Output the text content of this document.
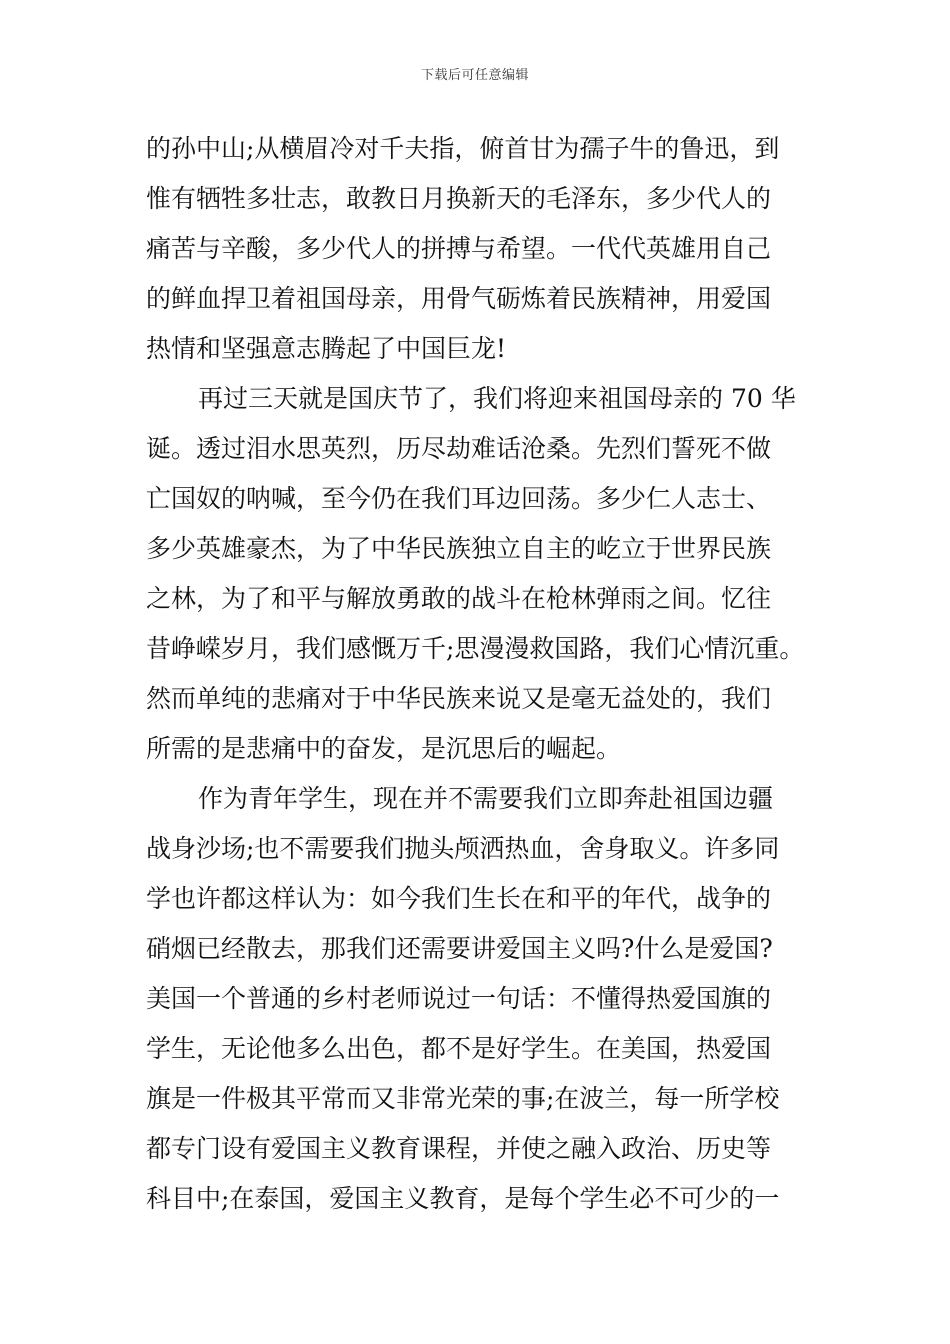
下载后可任意编辑
的孙中山;从横眉冷对千夫指，俯首甘为孺子牛的鲁迅，到
惟有牺牲多壮志，敢教日月换新天的毛泽东，多少代人的
痛苦与辛酸，多少代人的拼搏与希望。一代代英雄用自己
的鲜血捍卫着祖国母亲，用骨气砺炼着民族精神，用爱国
热情和坚强意志腾起了中国巨龙!
再过三天就是国庆节了，我们将迎来祖国母亲的 70 华
诞。透过泪水思英烈，历尽劫难话沧桑。先烈们誓死不做
亡国奴的呐喊，至今仍在我们耳边回荡。多少仁人志士、
多少英雄豪杰，为了中华民族独立自主的屹立于世界民族
之林，为了和平与解放勇敢的战斗在枪林弹雨之间。忆往
昔峥嵘岁月，我们感慨万千;思漫漫救国路，我们心情沉重。
然而单纯的悲痛对于中华民族来说又是毫无益处的，我们
所需的是悲痛中的奋发，是沉思后的崛起。
作为青年学生，现在并不需要我们立即奔赴祖国边疆
战身沙场;也不需要我们抛头颅洒热血，舍身取义。许多同
学也许都这样认为：如今我们生长在和平的年代，战争的
硝烟已经散去，那我们还需要讲爱国主义吗?什么是爱国?
美国一个普通的乡村老师说过一句话：不懂得热爱国旗的
学生，无论他多么出色，都不是好学生。在美国，热爱国
旗是一件极其平常而又非常光荣的事;在波兰，每一所学校
都专门设有爱国主义教育课程，并使之融入政治、历史等
科目中;在泰国，爱国主义教育，是每个学生必不可少的一
